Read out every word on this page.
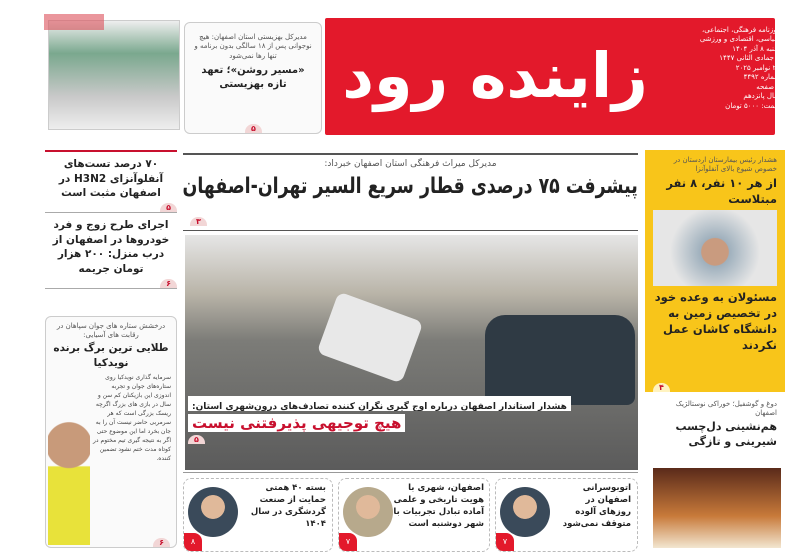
مدیرکل بهزیستی استان اصفهان: هیچ نوجوانی پس از ۱۸ سالگی بدون برنامه و تنها رها نمی‌شود
«مسیر روشن»؛ تعهد تازه بهزیستی
۵
زاینده رود
روزنامه فرهنگی، اجتماعی،
سیاسی، اقتصادی و ورزشی
شنبه ۸ آذر ۱۴۰۴
۸ جمادی الثانی ۱۴۴۷
۲۹ نوامبر ۲۰۲۵
شماره ۴۴۹۲
۸ صفحه
سال پانزدهم
قیمت: ۵۰۰۰ تومان
مدیرکل میراث فرهنگی استان اصفهان خبرداد:
پیشرفت ۷۵ درصدی قطار سریع السیر تهران-اصفهان
۳
هشدار استاندار اصفهان درباره اوج گیری نگران کننده تصادف‌های درون‌شهری استان:
هیچ توجیهی پذیرفتنی نیست
۵
۷۰ درصد تست‌های آنفلوآنزای H3N2 در اصفهان مثبت است
۵
اجرای طرح زوج و فرد خودروها در اصفهان از درب منزل: ۲۰۰ هزار تومان جریمه
۶
درخشش ستاره های جوان سپاهان در رقابت های آسیایی:
طلایی ترین برگ برنده نویدکیا
سرمایه گذاری نویدکیا روی ستاره‌های جوان و تجربه اندوزی این بازیکنان کم سن و سال در بازی های بزرگ اگرچه ریسک بزرگی است که هر سرمربی حاضر نیست آن را به جان بخرد اما این موضوع حتی اگر به نتیجه گیری تیم مختوم در کوتاه مدت ختم نشود تضمین کننده.
۶
هشدار رئیس بیمارستان اردستان در خصوص شیوع بالای آنفلوآنزا
از هر ۱۰ نفر، ۸ نفر مبتلاست
مسئولان به وعده خود در تخصیص زمین به دانشگاه کاشان عمل نکردند
۴
دوغ و گوشفیل؛ خوراکی نوستالژیک اصفهان
هم‌نشینی دل‌چسب شیرینی و تازگی
اتوبوسرانی اصفهان در روزهای آلوده متوقف نمی‌شود
۷
اصفهان، شهری با هویت تاریخی و علمی آماده تبادل تجربیات با شهر دوشنبه است
۷
بسته ۴۰ همتی حمایت از صنعت گردشگری در سال ۱۴۰۴
۸
